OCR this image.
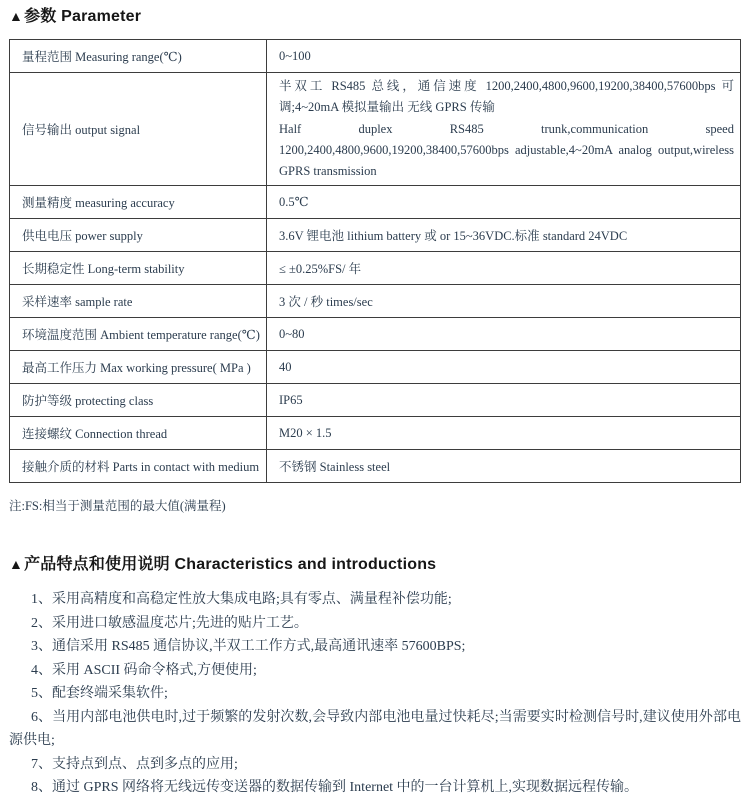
▲参数 Parameter
量程范围 Measuring range(℃)	0~100
信号输出 output signal	半双工 RS485 总线，通信速度 1200,2400,4800,9600,19200,38400,57600bps 可调;4~20mA 模拟量输出 无线 GPRS 传输
Half duplex RS485 trunk,communication speed 1200,2400,4800,9600,19200,38400,57600bps adjustable,4~20mA analog output,wireless GPRS transmission

测量精度 measuring accuracy	0.5℃
供电电压 power supply	3.6V 锂电池 lithium battery 或 or 15~36VDC.标准 standard 24VDC
长期稳定性 Long-term stability	≤ ±0.25%FS/ 年
采样速率 sample rate	3 次 / 秒 times/sec
环境温度范围 Ambient temperature range(℃)	0~80
最高工作压力 Max working pressure( MPa )	40
防护等级 protecting class	IP65
连接螺纹 Connection thread	M20 × 1.5
接触介质的材料 Parts in contact with medium	不锈钢 Stainless steel

注:FS:相当于测量范围的最大值(满量程)

▲产品特点和使用说明 Characteristics and introductions

1、采用高精度和高稳定性放大集成电路;具有零点、满量程补偿功能;

2、采用进口敏感温度芯片;先进的贴片工艺。

3、通信采用 RS485 通信协议,半双工工作方式,最高通讯速率 57600BPS;

4、采用 ASCII 码命令格式,方便使用;

5、配套终端采集软件;

6、当用内部电池供电时,过于频繁的发射次数,会导致内部电池电量过快耗尽;当需要实时检测信号时,建议使用外部电源供电;

7、支持点到点、点到多点的应用;

8、通过 GPRS 网络将无线远传变送器的数据传输到 Internet 中的一台计算机上,实现数据远程传输。
